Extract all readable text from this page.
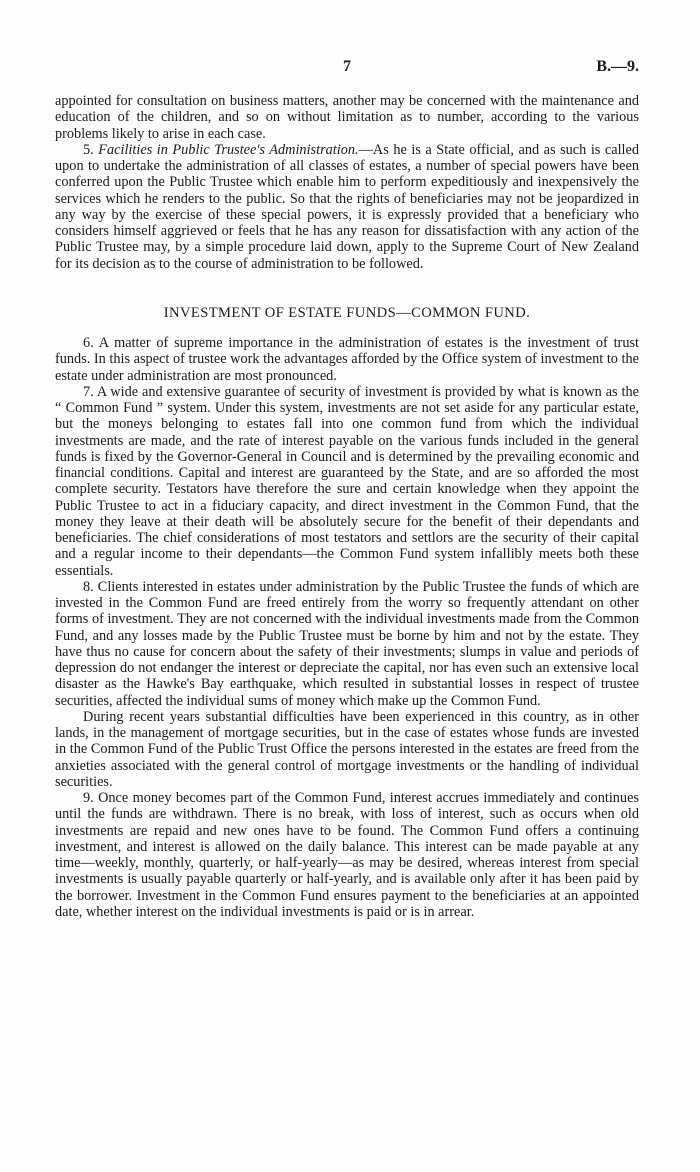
7	B.—9.

appointed for consultation on business matters, another may be concerned with the maintenance and education of the children, and so on without limitation as to number, according to the various problems likely to arise in each case.

5. Facilities in Public Trustee's Administration.—As he is a State official, and as such is called upon to undertake the administration of all classes of estates, a number of special powers have been conferred upon the Public Trustee which enable him to perform expeditiously and inexpensively the services which he renders to the public. So that the rights of beneficiaries may not be jeopardized in any way by the exercise of these special powers, it is expressly provided that a beneficiary who considers himself aggrieved or feels that he has any reason for dissatisfaction with any action of the Public Trustee may, by a simple procedure laid down, apply to the Supreme Court of New Zealand for its decision as to the course of administration to be followed.

INVESTMENT OF ESTATE FUNDS—COMMON FUND.

6. A matter of supreme importance in the administration of estates is the investment of trust funds. In this aspect of trustee work the advantages afforded by the Office system of investment to the estate under administration are most pronounced.

7. A wide and extensive guarantee of security of investment is provided by what is known as the “ Common Fund ” system. Under this system, investments are not set aside for any particular estate, but the moneys belonging to estates fall into one common fund from which the individual investments are made, and the rate of interest payable on the various funds included in the general funds is fixed by the Governor-General in Council and is determined by the prevailing economic and financial conditions. Capital and interest are guaranteed by the State, and are so afforded the most complete security. Testators have therefore the sure and certain knowledge when they appoint the Public Trustee to act in a fiduciary capacity, and direct investment in the Common Fund, that the money they leave at their death will be absolutely secure for the benefit of their dependants and beneficiaries. The chief considerations of most testators and settlors are the security of their capital and a regular income to their dependants—the Common Fund system infallibly meets both these essentials.

8. Clients interested in estates under administration by the Public Trustee the funds of which are invested in the Common Fund are freed entirely from the worry so frequently attendant on other forms of investment. They are not concerned with the individual investments made from the Common Fund, and any losses made by the Public Trustee must be borne by him and not by the estate. They have thus no cause for concern about the safety of their investments; slumps in value and periods of depression do not endanger the interest or depreciate the capital, nor has even such an extensive local disaster as the Hawke's Bay earthquake, which resulted in substantial losses in respect of trustee securities, affected the individual sums of money which make up the Common Fund.

During recent years substantial difficulties have been experienced in this country, as in other lands, in the management of mortgage securities, but in the case of estates whose funds are invested in the Common Fund of the Public Trust Office the persons interested in the estates are freed from the anxieties associated with the general control of mortgage investments or the handling of individual securities.

9. Once money becomes part of the Common Fund, interest accrues immediately and continues until the funds are withdrawn. There is no break, with loss of interest, such as occurs when old investments are repaid and new ones have to be found. The Common Fund offers a continuing investment, and interest is allowed on the daily balance. This interest can be made payable at any time—weekly, monthly, quarterly, or half-yearly—as may be desired, whereas interest from special investments is usually payable quarterly or half-yearly, and is available only after it has been paid by the borrower. Investment in the Common Fund ensures payment to the beneficiaries at an appointed date, whether interest on the individual investments is paid or is in arrear.
